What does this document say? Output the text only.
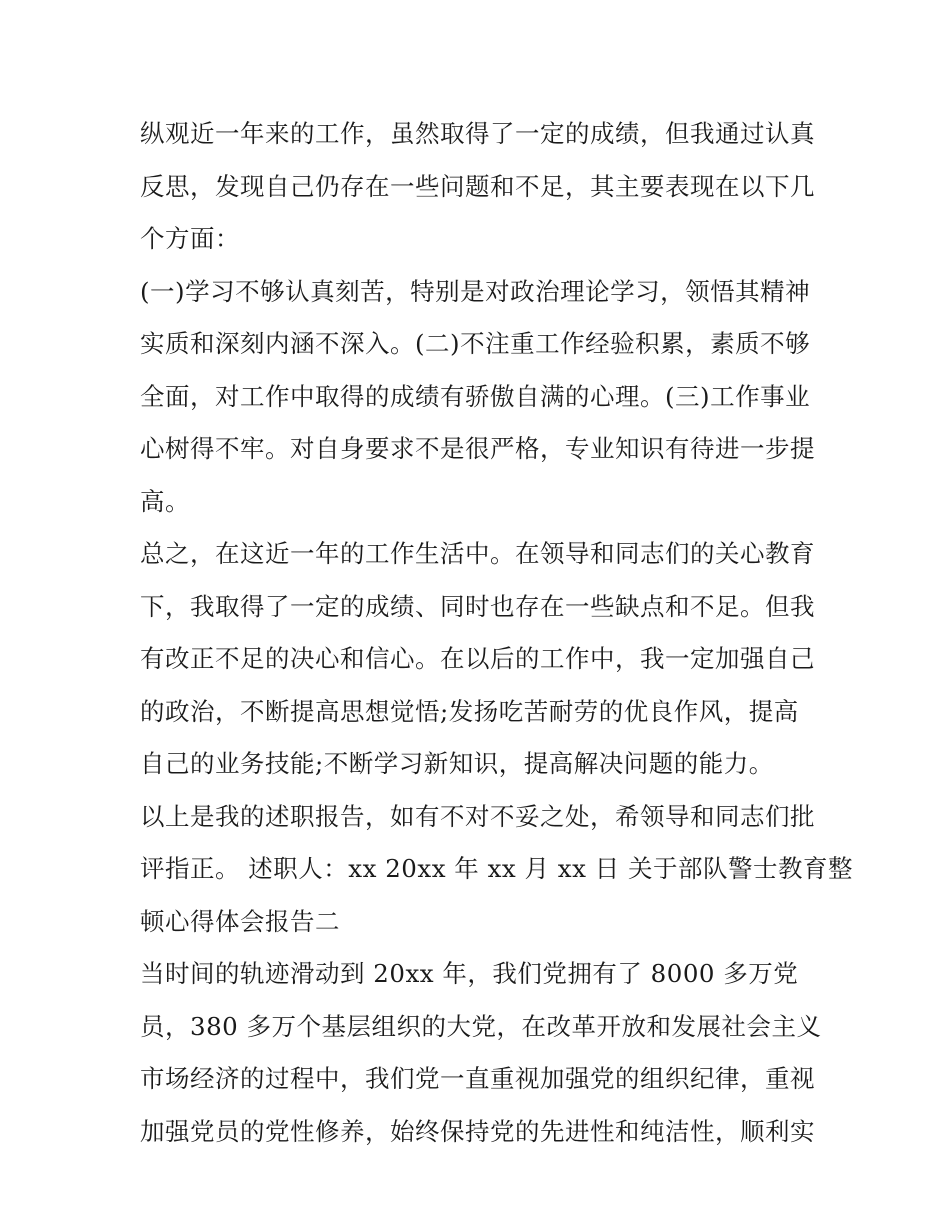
纵观近一年来的工作，虽然取得了一定的成绩，但我通过认真
反思，发现自己仍存在一些问题和不足，其主要表现在以下几
个方面：
(一)学习不够认真刻苦，特别是对政治理论学习，领悟其精神
实质和深刻内涵不深入。(二)不注重工作经验积累，素质不够
全面，对工作中取得的成绩有骄傲自满的心理。(三)工作事业
心树得不牢。对自身要求不是很严格，专业知识有待进一步提
高。
总之，在这近一年的工作生活中。在领导和同志们的关心教育
下，我取得了一定的成绩、同时也存在一些缺点和不足。但我
有改正不足的决心和信心。在以后的工作中，我一定加强自己
的政治，不断提高思想觉悟;发扬吃苦耐劳的优良作风，提高
自己的业务技能;不断学习新知识，提高解决问题的能力。
以上是我的述职报告，如有不对不妥之处，希领导和同志们批
评指正。 述职人：xx 20xx 年 xx 月 xx 日 关于部队警士教育整
顿心得体会报告二
当时间的轨迹滑动到 20xx 年，我们党拥有了 8000 多万党
员，380 多万个基层组织的大党，在改革开放和发展社会主义
市场经济的过程中，我们党一直重视加强党的组织纪律，重视
加强党员的党性修养，始终保持党的先进性和纯洁性，顺利实
